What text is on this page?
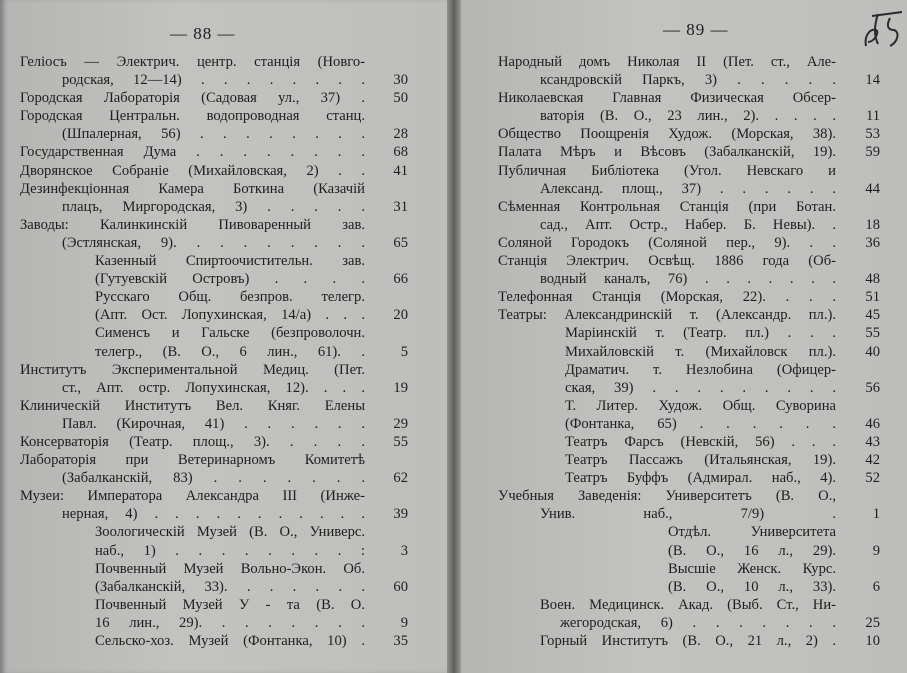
— 88 —
Геліосъ — Электрич. центр. станція (Новго-
родская, 12—14) . . . . . . . .	30
Городская Лабораторія (Садовая ул., 37) .	50
Городская Центральн. водопроводная станц.
(Шпалерная, 56) . . . . . . . .	28
Государственная Дума . . . . . . . .	68
Дворянское Собраніе (Михайловская, 2) . .	41
Дезинфекціонная Камера Боткина (Казачій
плацъ, Миргородская, 3) . . . . .	31
Заводы: Калинкинскій Пивоваренный зав.
(Эстлянская, 9). . . . . . . . .	65
Казенный Спиртоочистительн. зав.
(Гутуевскій Островъ) . . . .	66
Русскаго Общ. безпров. телегр.
(Апт. Ост. Лопухинская, 14/а) . . .	20
Сименсъ и Гальске (безпроволочн.
телегр., (В. О., 6 лин., 61). .	5
Институтъ Экспериментальной Медиц. (Пет.
ст., Апт. остр. Лопухинская, 12). . . .	19
Клиническій Институтъ Вел. Княг. Елены
Павл. (Кирочная, 41) . . . . . .	29
Консерваторія (Театр. площ., 3). . . . .	55
Лабораторія при Ветеринарномъ Комитетѣ
(Забалканскій, 83) . . . . . . .	62
Музеи: Императора Александра III (Инже-
нерная, 4) . . . . . . . . . . .	39
Зоологическій Музей (В. О., Универс.
наб., 1) . . . . . . . . :	3
Почвенный Музей Вольно-Экон. Об.
(Забалканскій, 33). . . . . . .	60
Почвенный Музей У - та (В. О.
16 лин., 29). . . . . . . .	9
Сельско-хоз. Музей (Фонтанка, 10) .	35
— 89 —
Народный домъ Николая II (Пет. ст., Але-
ксандровскій Паркъ, 3) . . . . .	14
Николаевская Главная Физическая Обсер-
ваторія (В. О., 23 лин., 2). . . . .	11
Общество Поощренія Худож. (Морская, 38).	53
Палата Мѣръ и Вѣсовъ (Забалканскій, 19).	59
Публичная Библіотека (Угол. Невскаго и
Александ. площ., 37) . . . . . .	44
Сѣменная Контрольная Станція (при Ботан.
сад., Апт. Остр., Набер. Б. Невы). .	18
Соляной Городокъ (Соляной пер., 9). . .	36
Станція Электрич. Освѣщ. 1886 года (Об-
водный каналъ, 76) . . . . . . .	48
Телефонная Станція (Морская, 22). . . .	51
Театры: Александринскій т. (Александр. пл.).	45
Маріинскій т. (Театр. пл.) . . .	55
Михайловскій т. (Михайловск пл.).	40
Драматич. т. Незлобина (Офицер-
ская, 39) . . . . . . . . .	56
Т. Литер. Худож. Общ. Суворина
(Фонтанка, 65) . . . . . .	46
Театръ Фарсъ (Невскій, 56) . . .	43
Театръ Пассажъ (Итальянская, 19).	42
Театръ Буффъ (Адмирал. наб., 4).	52
Учебныя Заведенія: Университетъ (В. О.,
Унив. наб., 7/9) .	1
Отдѣл. Университета
(В. О., 16 л., 29).	9
Высшіе Женск. Курс.
(В. О., 10 л., 33).	6
Воен. Медицинск. Акад. (Выб. Ст., Ни-
жегородская, 6) . . . . . . .	25
Горный Институтъ (В. О., 21 л., 2) .	10
